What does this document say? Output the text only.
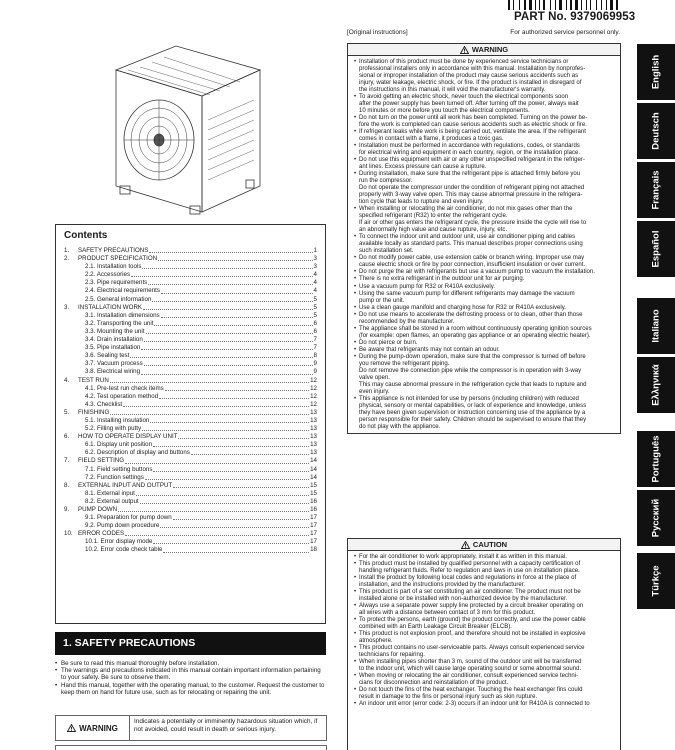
PART No. 9379069953
[Original instructions]	For authorized service personnel only.
English
Deutsch
Français
Español
Italiano
Ελληνικά
Português
Русский
Türkçe
Contents
1.	SAFETY PRECAUTIONS	1
2.	PRODUCT SPECIFICATION	3
2.1. Installation tools	3
2.2. Accessories	4
2.3. Pipe requirements	4
2.4. Electrical requirements	4
2.5. General information	5
3.	INSTALLATION WORK	5
3.1. Installation dimensions	5
3.2. Transporting the unit	6
3.3. Mounting the unit	6
3.4. Drain installation	7
3.5. Pipe installation	7
3.6. Sealing test	8
3.7. Vacuum process	9
3.8. Electrical wiring	9
4.	TEST RUN	12
4.1. Pre-test run check items	12
4.2. Test operation method	12
4.3. Checklist	12
5.	FINISHING	13
5.1. Installing insulation	13
5.2. Filling with putty	13
6.	HOW TO OPERATE DISPLAY UNIT	13
6.1. Display unit position	13
6.2. Description of display and buttons	13
7.	FIELD SETTING	14
7.1. Field setting buttons	14
7.2. Function settings	14
8.	EXTERNAL INPUT AND OUTPUT	15
8.1. External input	15
8.2. External output	16
9.	PUMP DOWN	16
9.1. Preparation for pump down	17
9.2. Pump down procedure	17
10. ERROR CODES	17
10.1. Error display mode	17
10.2. Error code check table	18
1. SAFETY PRECAUTIONS
• Be sure to read this manual thoroughly before installation.
• The warnings and precautions indicated in this manual contain important information pertaining to your safety. Be sure to observe them.
• Hand this manual, together with the operating manual, to the customer. Request the customer to keep them on hand for future use, such as for relocating or repairing the unit.
WARNING
Indicates a potentially or imminently hazardous situation which, if not avoided, could result in death or serious injury.
WARNING
• Installation of this product must be done by experienced service technicians or
professional installers only in accordance with this manual. Installation by nonprofes-
sional or improper installation of the product may cause serious accidents such as
injury, water leakage, electric shock, or fire. If the product is installed in disregard of
the instructions in this manual, it will void the manufacturer's warranty.
• To avoid getting an electric shock, never touch the electrical components soon
after the power supply has been turned off. After turning off the power, always wait
10 minutes or more before you touch the electrical components.
• Do not turn on the power until all work has been completed. Turning on the power be-
fore the work is completed can cause serious accidents such as electric shock or fire.
• If refrigerant leaks while work is being carried out, ventilate the area. If the refrigerant
comes in contact with a flame, it produces a toxic gas.
• Installation must be performed in accordance with regulations, codes, or standards
for electrical wiring and equipment in each country, region, or the installation place.
• Do not use this equipment with air or any other unspecified refrigerant in the refriger-
ant lines. Excess pressure can cause a rupture.
• During installation, make sure that the refrigerant pipe is attached firmly before you
run the compressor.
Do not operate the compressor under the condition of refrigerant piping not attached
properly with 3-way valve open. This may cause abnormal pressure in the refrigera-
tion cycle that leads to rupture and even injury.
• When installing or relocating the air conditioner, do not mix gases other than the
specified refrigerant (R32) to enter the refrigerant cycle.
If air or other gas enters the refrigerant cycle, the pressure inside the cycle will rise to
an abnormally high value and cause rupture, injury, etc.
• To connect the indoor unit and outdoor unit, use air conditioner piping and cables
available locally as standard parts. This manual describes proper connections using
such installation set.
• Do not modify power cable, use extension cable or branch wiring. Improper use may
cause electric shock or fire by poor connection, insufficient insulation or over current.
• Do not purge the air with refrigerants but use a vacuum pump to vacuum the installation.
• There is no extra refrigerant in the outdoor unit for air purging.
• Use a vacuum pump for R32 or R410A exclusively.
• Using the same vacuum pump for different refrigerants may damage the vacuum
pump or the unit.
• Use a clean gauge manifold and charging hose for R32 or R410A exclusively.
• Do not use means to accelerate the defrosting process or to clean, other than those
recommended by the manufacturer.
• The appliance shall be stored in a room without continuously operating ignition sources
(for example: open flames, an operating gas appliance or an operating electric heater).
• Do not pierce or burn.
• Be aware that refrigerants may not contain an odour.
• During the pump-down operation, make sure that the compressor is turned off before
you remove the refrigerant piping.
Do not remove the connection pipe while the compressor is in operation with 3-way
valve open.
This may cause abnormal pressure in the refrigeration cycle that leads to rupture and
even injury.
• This appliance is not intended for use by persons (including children) with reduced
physical, sensory or mental capabilities, or lack of experience and knowledge, unless
they have been given supervision or instruction concerning use of the appliance by a
person responsible for their safety. Children should be supervised to ensure that they
do not play with the appliance.
CAUTION
• For the air conditioner to work appropriately, install it as written in this manual.
• This product must be installed by qualified personnel with a capacity certification of
handling refrigerant fluids. Refer to regulation and laws in use on installation place.
• Install the product by following local codes and regulations in force at the place of
installation, and the instructions provided by the manufacturer.
• This product is part of a set constituting an air conditioner. The product must not be
installed alone or be installed with non-authorized device by the manufacturer.
• Always use a separate power supply line protected by a circuit breaker operating on
all wires with a distance between contact of 3 mm for this product.
• To protect the persons, earth (ground) the product correctly, and use the power cable
combined with an Earth Leakage Circuit Breaker (ELCB).
• This product is not explosion proof, and therefore should not be installed in explosive
atmosphere.
• This product contains no user-serviceable parts. Always consult experienced service
technicians for repairing.
• When installing pipes shorter than 3 m, sound of the outdoor unit will be transferred
to the indoor unit, which will cause large operating sound or some abnormal sound.
• When moving or relocating the air conditioner, consult experienced service techni-
cians for disconnection and reinstallation of the product.
• Do not touch the fins of the heat exchanger. Touching the heat exchanger fins could
result in damage to the fins or personal injury such as skin rupture.
• An indoor unit error (error code: 2-3) occurs if an indoor unit for R410A is connected to
